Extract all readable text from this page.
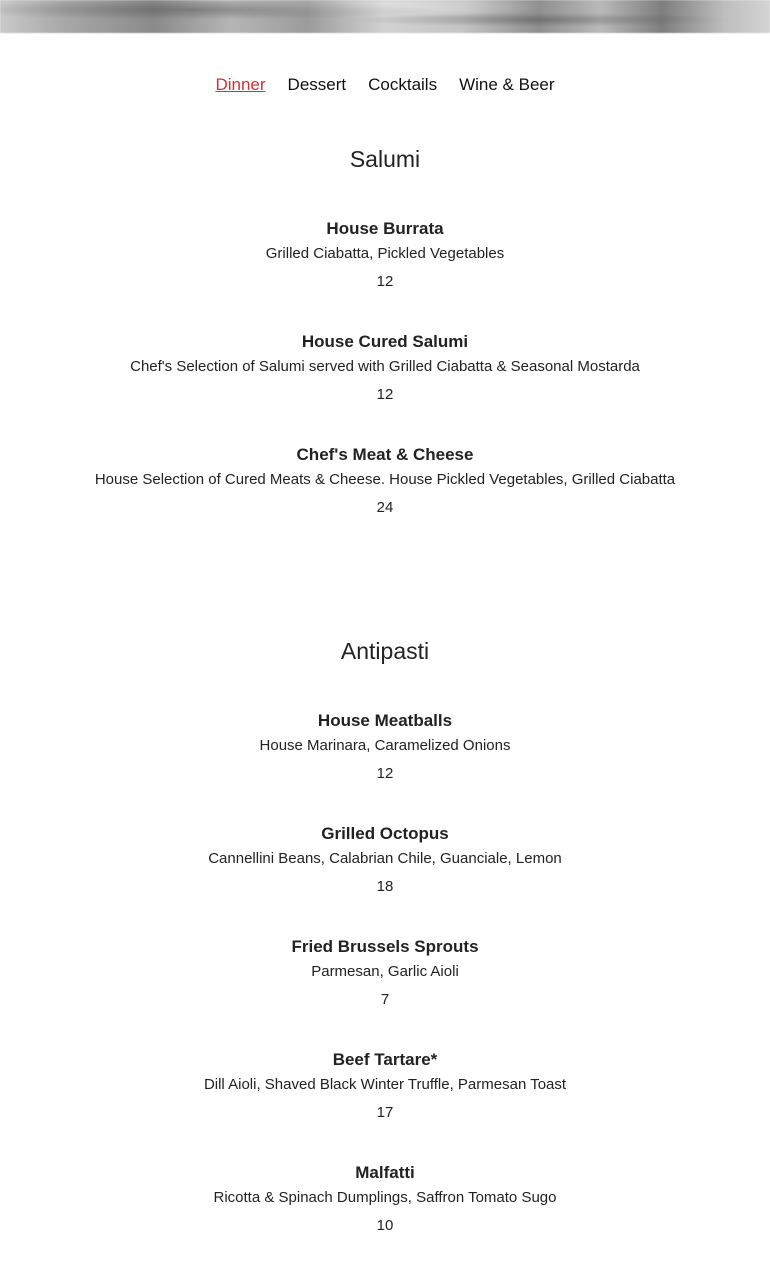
Dinner Dessert Cocktails Wine & Beer
Salumi
House Burrata
Grilled Ciabatta, Pickled Vegetables
12
House Cured Salumi
Chef's Selection of Salumi served with Grilled Ciabatta & Seasonal Mostarda
12
Chef's Meat & Cheese
House Selection of Cured Meats & Cheese. House Pickled Vegetables, Grilled Ciabatta
24
Antipasti
House Meatballs
House Marinara, Caramelized Onions
12
Grilled Octopus
Cannellini Beans, Calabrian Chile, Guanciale, Lemon
18
Fried Brussels Sprouts
Parmesan, Garlic Aioli
7
Beef Tartare*
Dill Aioli, Shaved Black Winter Truffle, Parmesan Toast
17
Malfatti
Ricotta & Spinach Dumplings, Saffron Tomato Sugo
10
